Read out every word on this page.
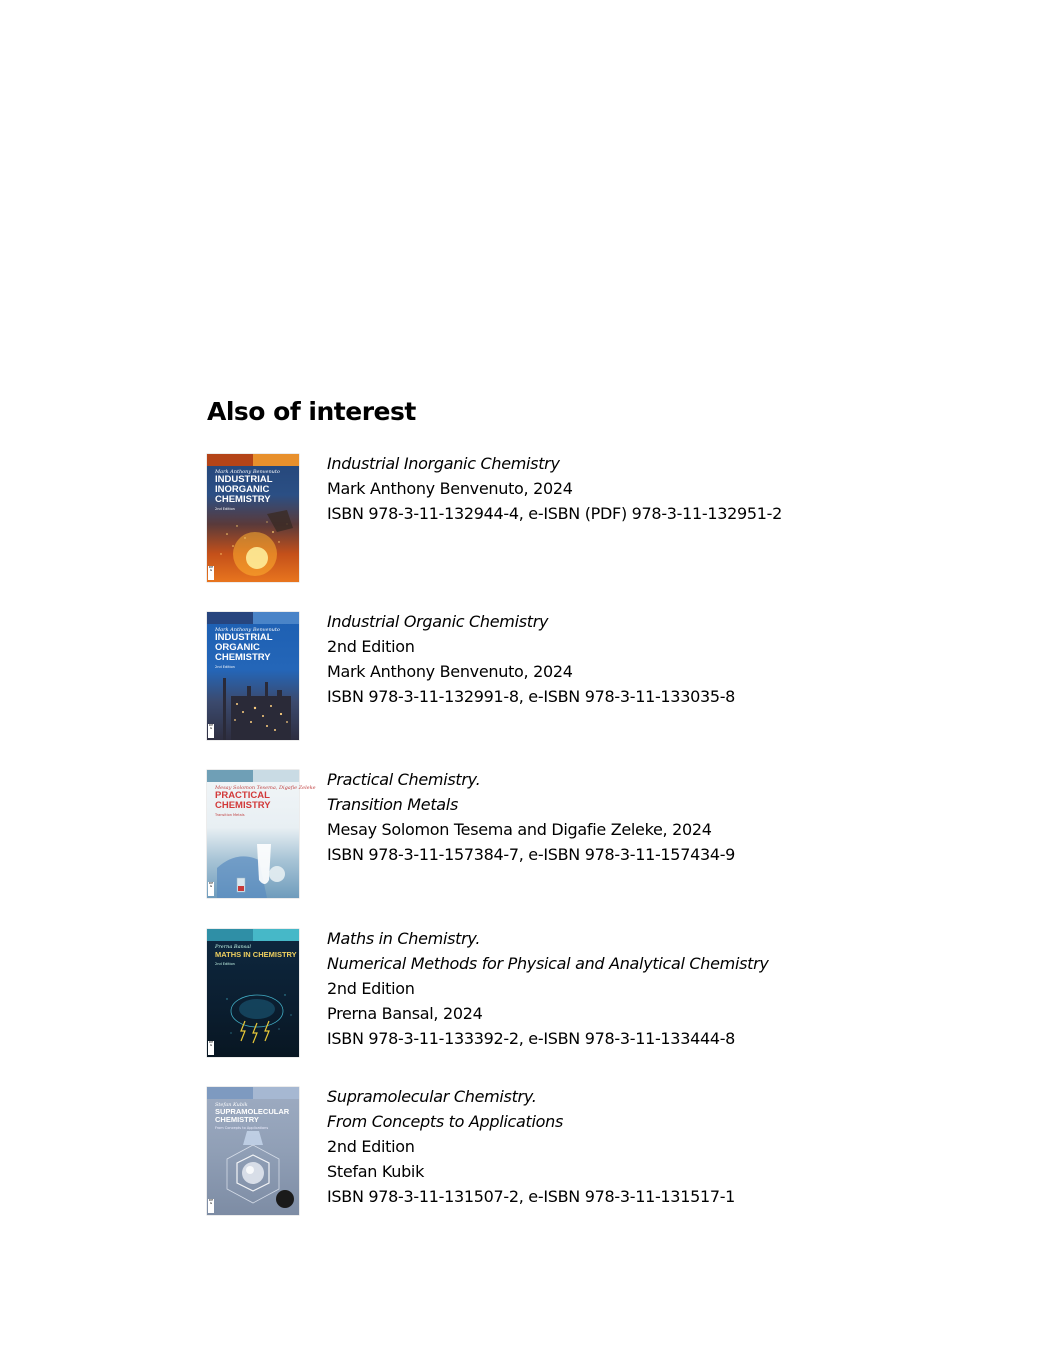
Also of interest
Mark Anthony Benvenuto
INDUSTRIAL
INORGANIC
CHEMISTRY
2nd Edition
DE
G
Industrial Inorganic Chemistry
Mark Anthony Benvenuto, 2024
ISBN 978-3-11-132944-4, e-ISBN (PDF) 978-3-11-132951-2
Mark Anthony Benvenuto
INDUSTRIAL
ORGANIC
CHEMISTRY
2nd Edition
DE
G
Industrial Organic Chemistry
2nd Edition
Mark Anthony Benvenuto, 2024
ISBN 978-3-11-132991-8, e-ISBN 978-3-11-133035-8
Mesay Solomon Tesema, Digafie Zeleke
PRACTICAL
CHEMISTRY
Transition Metals
DE
G
Practical Chemistry.
Transition Metals
Mesay Solomon Tesema and Digafie Zeleke, 2024
ISBN 978-3-11-157384-7, e-ISBN 978-3-11-157434-9
Prerna Bansal
MATHS IN CHEMISTRY
2nd Edition
DE
G
Maths in Chemistry.
Numerical Methods for Physical and Analytical Chemistry
2nd Edition
Prerna Bansal, 2024
ISBN 978-3-11-133392-2, e-ISBN 978-3-11-133444-8
Stefan Kubik
SUPRAMOLECULAR
CHEMISTRY
From Concepts to Applications
DE
G
Supramolecular Chemistry.
From Concepts to Applications
2nd Edition
Stefan Kubik
ISBN 978-3-11-131507-2, e-ISBN 978-3-11-131517-1
